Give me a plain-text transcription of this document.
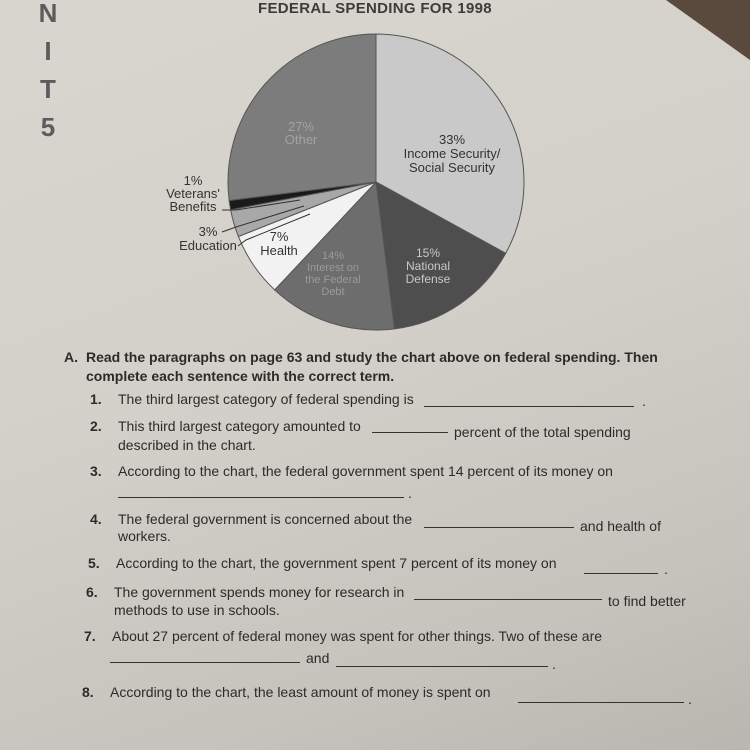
N
I
T
5
FEDERAL SPENDING FOR 1998
33% Income Security/ Social Security
15% National Defense
14% Interest on the Federal Debt
7% Health
3% Education
1% Veterans' Benefits
27% Other
A. Read the paragraphs on page 63 and study the chart above on federal spending. Then complete each sentence with the correct term.
1. The third largest category of federal spending is	.
2. This third largest category amounted to	percent of the total spending
described in the chart.
3. According to the chart, the federal government spent 14 percent of its money on
.
4. The federal government is concerned about the	and health of
workers.
5. According to the chart, the government spent 7 percent of its money on	.
6. The government spends money for research in
to find better
methods to use in schools.
7. About 27 percent of federal money was spent for other things. Two of these are
and	.
8. According to the chart, the least amount of money is spent on	.
